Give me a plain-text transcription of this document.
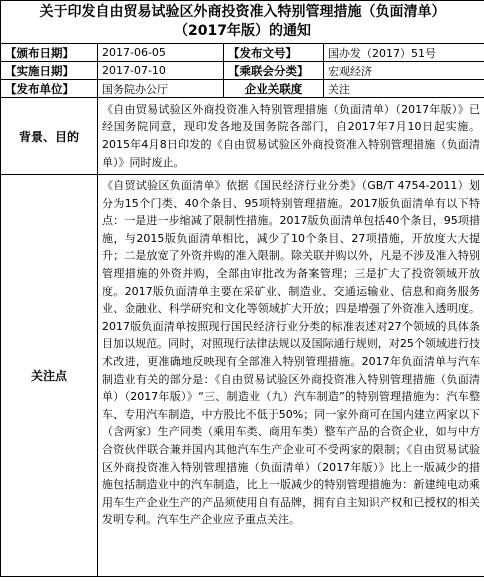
关于印发自由贸易试验区外商投资准入特别管理措施（负面清单）
（2017年版）的通知			

【颁布日期】	2017-06-05	【发布文号】	国办发（2017）51号
【实施日期】	2017-07-10	【乘联会分类】	宏观经济
【发布单位】	国务院办公厅	企业关联度	关注
背景、目的	《自由贸易试验区外商投资准入特别管理措施（负面清单）（2017年版）》已经国务院同意，现印发各地及国务院各部门，自2017年7月10日起实施。2015年4月8日印发的《自由贸易试验区外商投资准入特别管理措施（负面清单）》同时废止。		
关注点	《自贸试验区负面清单》依据《国民经济行业分类》（GB/T 4754-2011）划分为15个门类、40个条目、95项特别管理措施。2017版负面清单有以下特点：一是进一步缩减了限制性措施。2017版负面清单包括40个条目，95项措施，与2015版负面清单相比，减少了10个条目、27项措施，开放度大大提升；二是放宽了外资并购的准入限制。除关联并购以外，凡是不涉及准入特别管理措施的外资并购，全部由审批改为备案管理；三是扩大了投资领域开放度。2017版负面清单主要在采矿业、制造业、交通运输业、信息和商务服务业、金融业、科学研究和文化等领域扩大开放；四是增强了外资准入透明度。2017版负面清单按照现行国民经济行业分类的标准表述对27个领域的具体条目加以规范。同时，对照现行法律法规以及国际通行规则，对25个领域进行技术改进，更准确地反映现有全部准入特别管理措施。2017年负面清单与汽车制造业有关的部分是：《自由贸易试验区外商投资准入特别管理措施（负面清单）（2017年版）》“三、制造业（九）汽车制造”的特别管理措施为：汽车整车、专用汽车制造，中方股比不低于50%；同一家外商可在国内建立两家以下（含两家）生产同类（乘用车类、商用车类）整车产品的合资企业，如与中方合资伙伴联合兼并国内其他汽车生产企业可不受两家的限制；《自由贸易试验区外商投资准入特别管理措施（负面清单）（2017年版）》比上一版减少的措施包括制造业中的汽车制造，比上一版减少的特别管理措施为：新建纯电动乘用车生产企业生产的产品须使用自有品牌，拥有自主知识产权和已授权的相关发明专利。汽车生产企业应予重点关注。		
